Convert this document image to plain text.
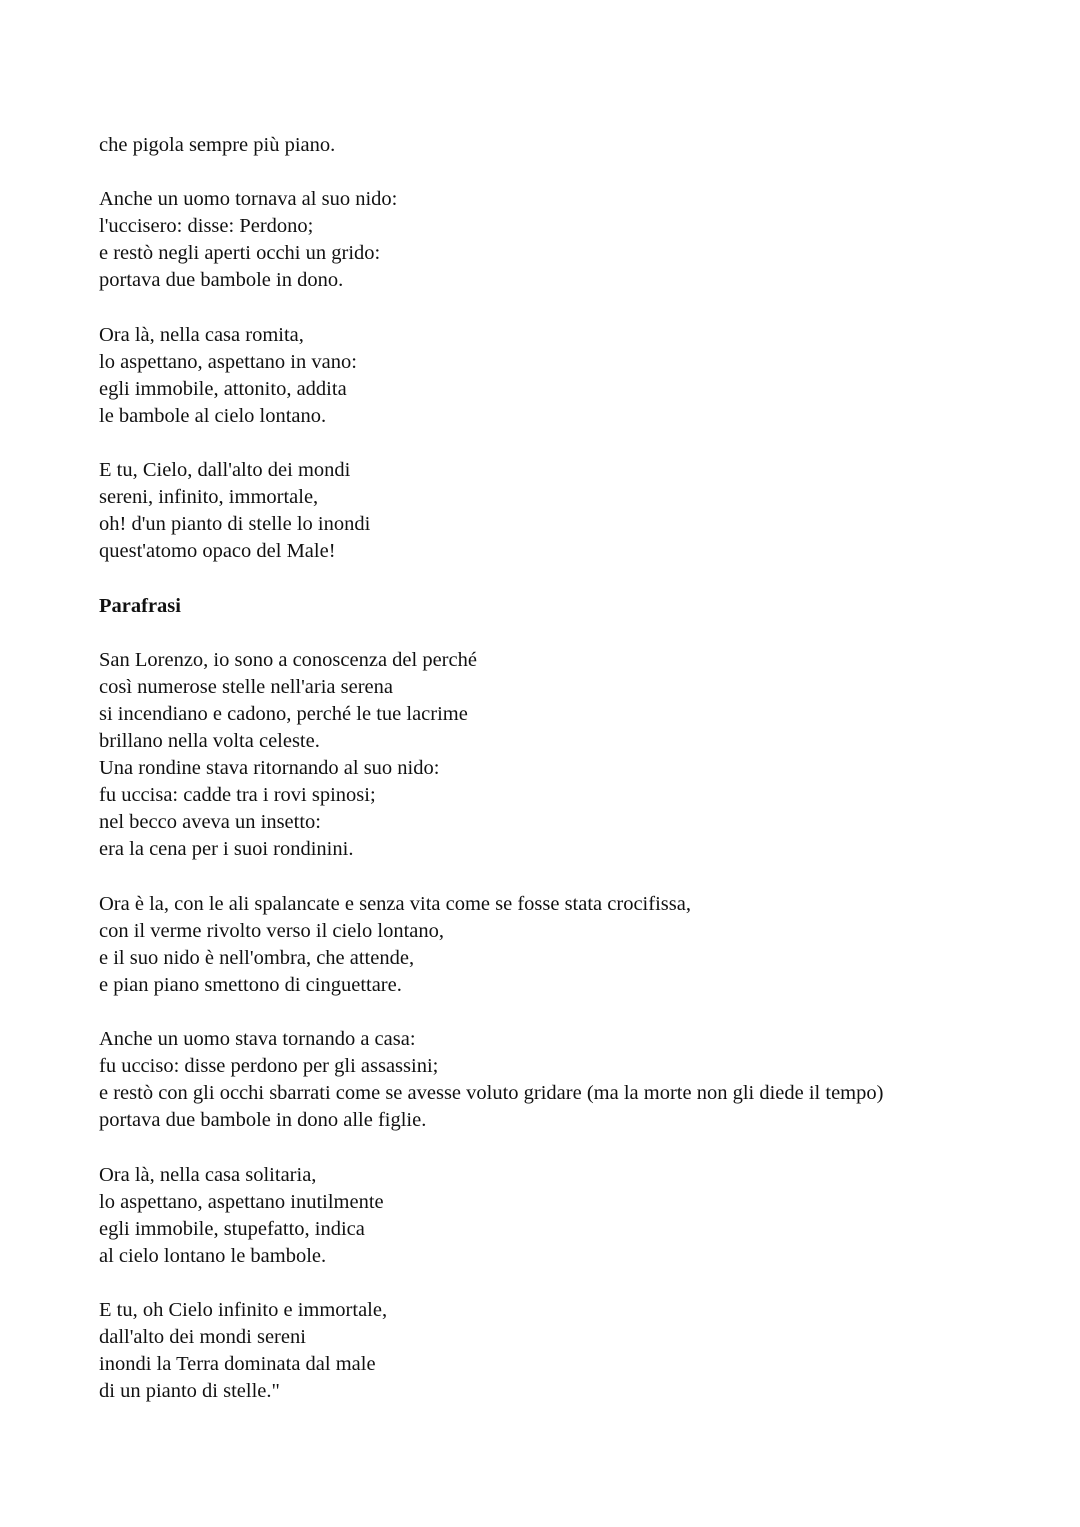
che pigola sempre più piano.
Anche un uomo tornava al suo nido:
l'uccisero: disse: Perdono;
e restò negli aperti occhi un grido:
portava due bambole in dono.
Ora là, nella casa romita,
lo aspettano, aspettano in vano:
egli immobile, attonito, addita
le bambole al cielo lontano.
E tu, Cielo, dall'alto dei mondi
sereni, infinito, immortale,
oh! d'un pianto di stelle lo inondi
quest'atomo opaco del Male!
Parafrasi
San Lorenzo, io sono a conoscenza del perché
così numerose stelle nell'aria serena
si incendiano e cadono, perché le tue lacrime
brillano nella volta celeste.
Una rondine stava ritornando al suo nido:
fu uccisa: cadde tra i rovi spinosi;
nel becco aveva un insetto:
era la cena per i suoi rondinini.
Ora è la, con le ali spalancate e senza vita come se fosse stata crocifissa,
con il verme rivolto verso il cielo lontano,
e il suo nido è nell'ombra, che attende,
e pian piano smettono di cinguettare.
Anche un uomo stava tornando a casa:
fu ucciso: disse perdono per gli assassini;
e restò con gli occhi sbarrati come se avesse voluto gridare (ma la morte non gli diede il tempo)
portava due bambole in dono alle figlie.
Ora là, nella casa solitaria,
lo aspettano, aspettano inutilmente
egli immobile, stupefatto, indica
al cielo lontano le bambole.
E tu, oh Cielo infinito e immortale,
dall'alto dei mondi sereni
inondi la Terra dominata dal male
di un pianto di stelle."
